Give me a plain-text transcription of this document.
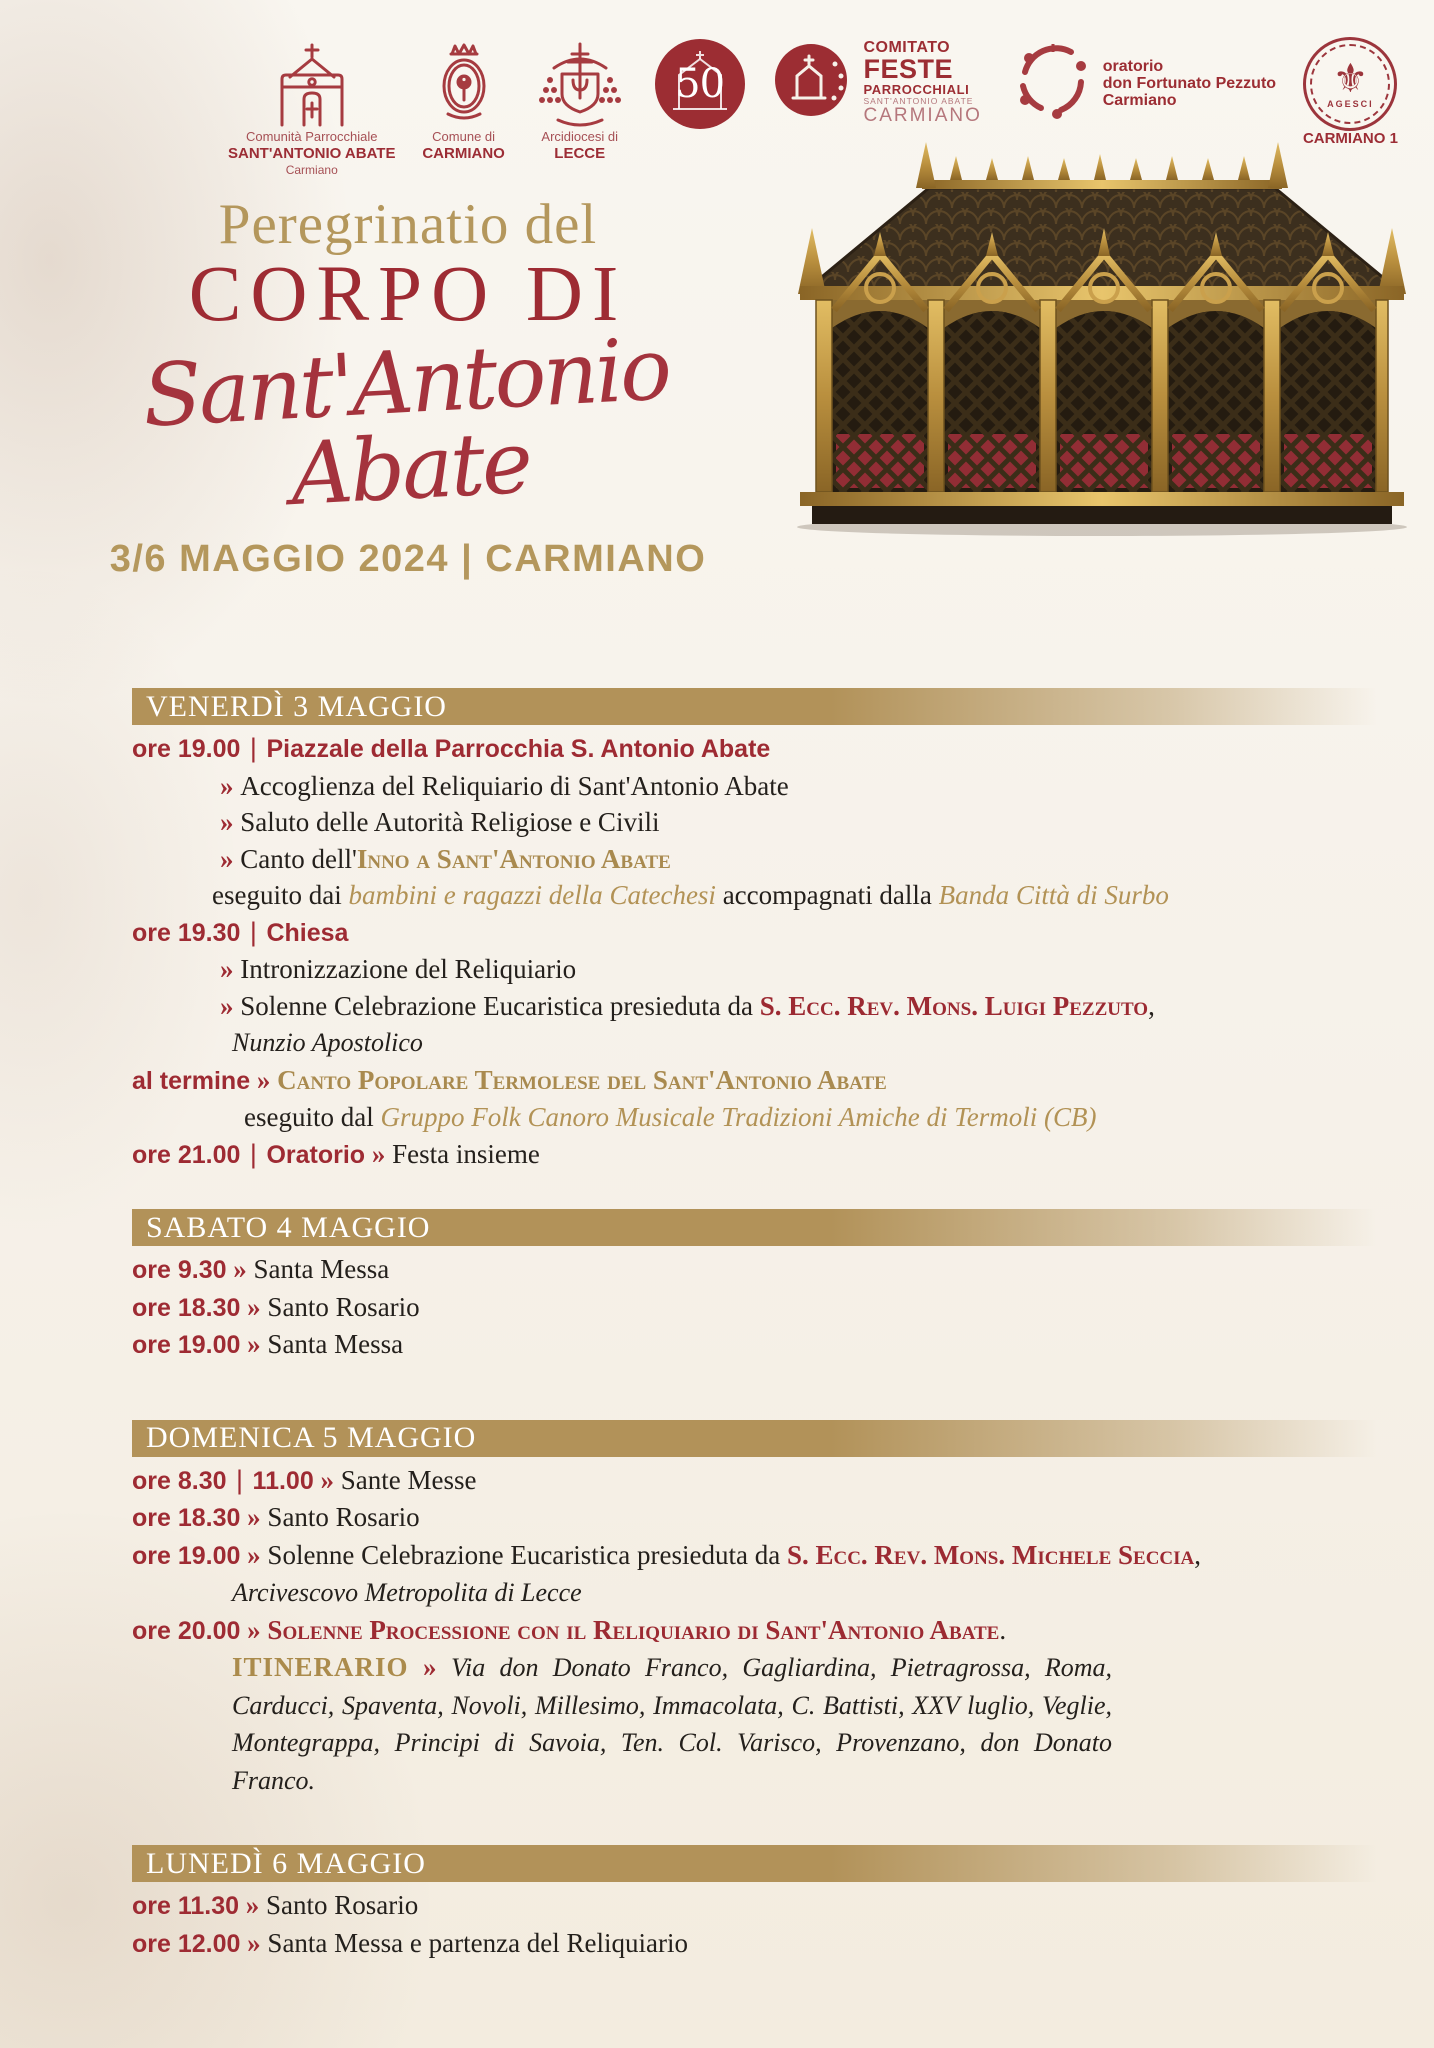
Comunità Parrocchiale
SANT'ANTONIO ABATE
Carmiano
Comune di
CARMIANO
Arcidiocesi di
LECCE
50
COMITATO
FESTE
PARROCCHIALI
SANT'ANTONIO ABATE
CARMIANO
oratorio
don Fortunato Pezzuto
Carmiano	⚜
AGESCI
CARMIANO 1
Peregrinatio del
CORPO DI
Sant'Antonio Abate
3/6 MAGGIO 2024 | CARMIANO
VENERDÌ 3 MAGGIO
ore 19.00 | Piazzale della Parrocchia S. Antonio Abate
» Accoglienza del Reliquiario di Sant'Antonio Abate
» Saluto delle Autorità Religiose e Civili
» Canto dell'Inno a Sant'Antonio Abate
eseguito dai bambini e ragazzi della Catechesi accompagnati dalla Banda Città di Surbo
ore 19.30 | Chiesa
» Intronizzazione del Reliquiario
» Solenne Celebrazione Eucaristica presieduta da S. Ecc. Rev. Mons. Luigi Pezzuto,
Nunzio Apostolico
al termine » Canto Popolare Termolese del Sant'Antonio Abate
eseguito dal Gruppo Folk Canoro Musicale Tradizioni Amiche di Termoli (CB)
ore 21.00 | Oratorio » Festa insieme
SABATO 4 MAGGIO
ore 9.30 » Santa Messa
ore 18.30 » Santo Rosario
ore 19.00 » Santa Messa
DOMENICA 5 MAGGIO
ore 8.30 | 11.00 » Sante Messe
ore 18.30 » Santo Rosario
ore 19.00 » Solenne Celebrazione Eucaristica presieduta da S. Ecc. Rev. Mons. Michele Seccia,
Arcivescovo Metropolita di Lecce
ore 20.00 » Solenne Processione con il Reliquiario di Sant'Antonio Abate.
ITINERARIO » Via don Donato Franco, Gagliardina, Pietragrossa, Roma, Carducci, Spaventa, Novoli, Millesimo, Immacolata, C. Battisti, XXV luglio, Veglie, Montegrappa, Principi di Savoia, Ten. Col. Varisco, Provenzano, don Donato Franco.
LUNEDÌ 6 MAGGIO
ore 11.30 » Santo Rosario
ore 12.00 » Santa Messa e partenza del Reliquiario
